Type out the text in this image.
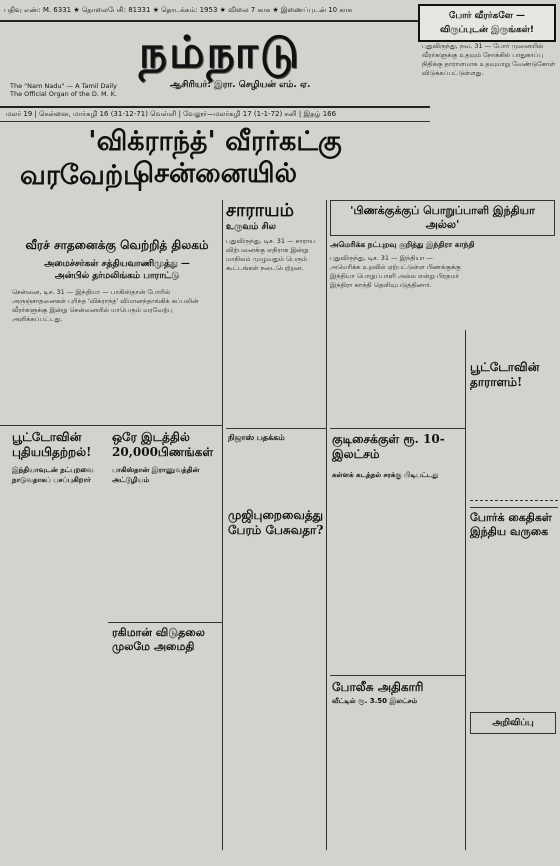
பதிவு எண்: M. 6331 ★ தொலைபேசி: 81331 ★ தொடக்கம்: 1953 ★ விலை 7 காசு ★ இணைப்புடன் 10 காசு
நம்நாடு
The "Nam Nadu" — A Tamil Daily
The Official Organ of the D. M. K.
ஆசிரியர்: இரா. செழியன் எம். ஏ.
போர் வீரர்களே —
விருப்புடன் இருங்கள்!
புதுவிருந்து, நவ. 31 — போர் முனையில் வீரர்களுக்கு உதவும் நோக்கில் பாதுகாப்பு நிதிக்கு தாராளமாக உதவுமாறு வேண்டுகோள் விடுக்கப்பட்டுள்ளது.
மலர் 19 | சென்னை, மார்கழி 16 (31-12-71) வெள்ளி | வேலூர்—மலர்கழி 17 (1-1-72) சனி | இதழ் 166
'விக்ராந்த்' வீரர்கட்கு சென்னையில்
வரவேற்பு
வீரச் சாதனைக்கு வெற்றித் திலகம்
அமைச்சர்கள் சத்தியவாணிமுத்து —
அன்பில் தர்மலிங்கம் பாராட்டு
சென்னை, டிச. 31 — இந்தியா — பாகிஸ்தான் போரில் அருஞ்சாதனைகள் புரிந்த 'விக்ராந்த்' விமானந்தாங்கிக் கப்பலின் வீரர்களுக்கு இன்று சென்னையில் மாபெரும் வரவேற்பு அளிக்கப்பட்டது.
சாராயம்
உருவம் சில
புதுவிருந்து, டிச. 31 — சாராய விற்பனைக்கு எதிராக இன்று மாநிலம் முழுவதும் பெரும் கூட்டங்கள் நடைபெற்றன.
'பிணக்குக்குப் பொறுப்பாளி இந்தியா அல்ல'
அமெரிக்க நட்புறவு குறித்து இந்திரா காந்தி
புதுவிருந்து, டிச. 31 — இந்தியா — அமெரிக்க உறவில் ஏற்பட்டுள்ள பிணக்குக்கு இந்தியா பொறுப்பாளி அல்ல என்று பிரதமர் இந்திரா காந்தி தெளிவுபடுத்தினார்.
பூட்டோவின் தாராளம்!
போர்க் கைதிகள் இந்திய வருகை
பூட்டோவின் புதியபிதற்றல்!
இந்தியாவுடன் நட்புறவை நாடுவதாகப் பசப்புகிறார்
ஒரே இடத்தில் 20,000பிணங்கள்
பாகிஸ்தான் இராணுவத்தின் அட்டூழியம்
ரகிமான் விடுதலை முலமே அமைதி
நிஜாஸ் பதக்கம்
முஜிபுறைவைத்து பேரம் பேசுவதா?
குடிசைக்குள் ரூ. 10-இலட்சம்
கள்ளக் கடத்தல் சரக்கு பிடிபட்டது
போலீசு அதிகாரி
வீட்டில் ரூ. 3.50 இலட்சம்
அறிவிப்பு
